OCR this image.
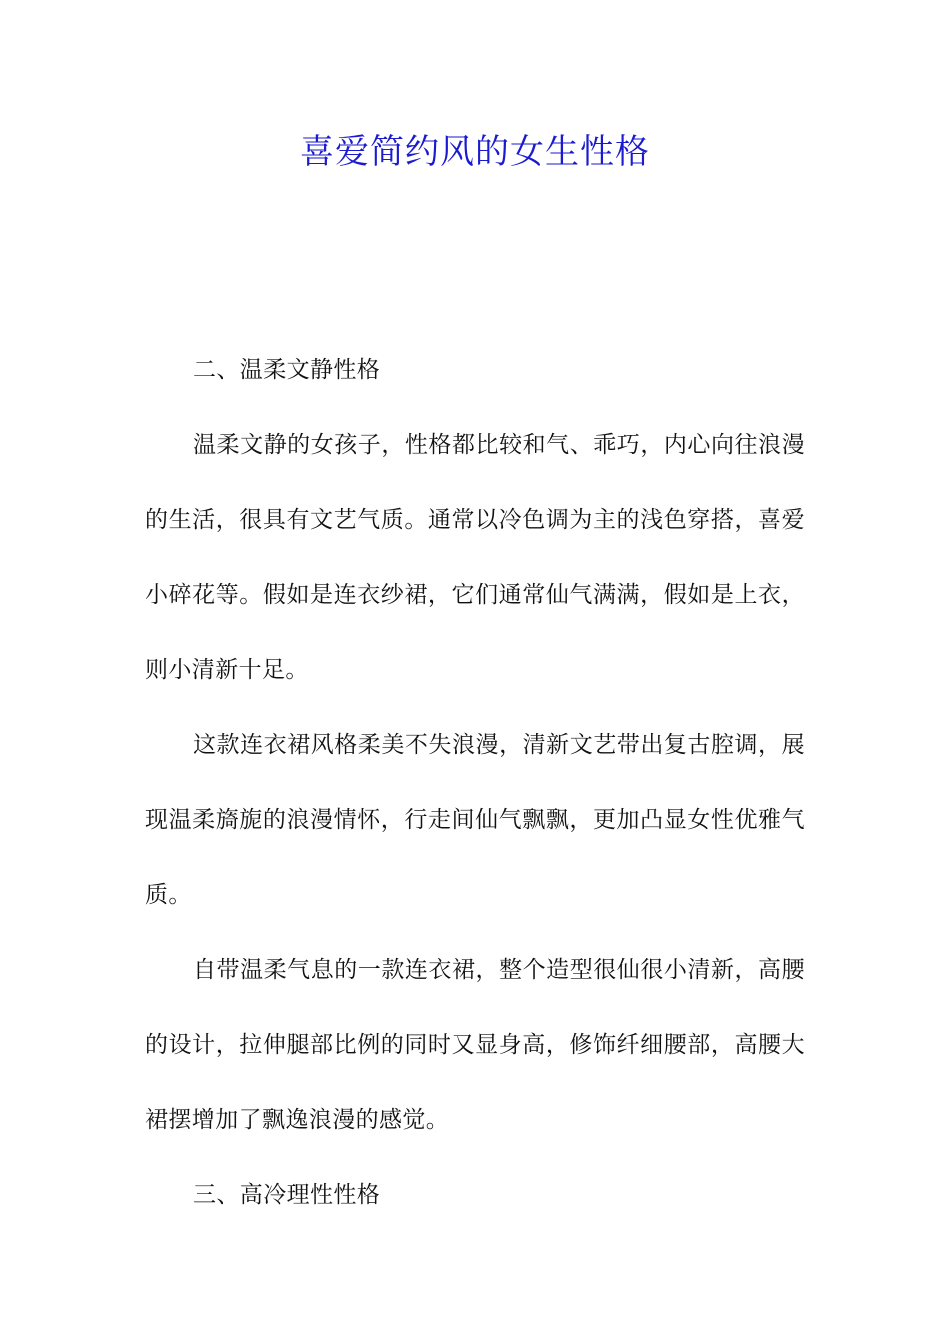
喜爱简约风的女生性格

二、温柔文静性格

温柔文静的女孩子，性格都比较和气、乖巧，内心向往浪漫的生活，很具有文艺气质。通常以冷色调为主的浅色穿搭，喜爱小碎花等。假如是连衣纱裙，它们通常仙气满满，假如是上衣，则小清新十足。

这款连衣裙风格柔美不失浪漫，清新文艺带出复古腔调，展现温柔旖旎的浪漫情怀，行走间仙气飘飘，更加凸显女性优雅气质。

自带温柔气息的一款连衣裙，整个造型很仙很小清新，高腰的设计，拉伸腿部比例的同时又显身高，修饰纤细腰部，高腰大裙摆增加了飘逸浪漫的感觉。

三、高冷理性性格
